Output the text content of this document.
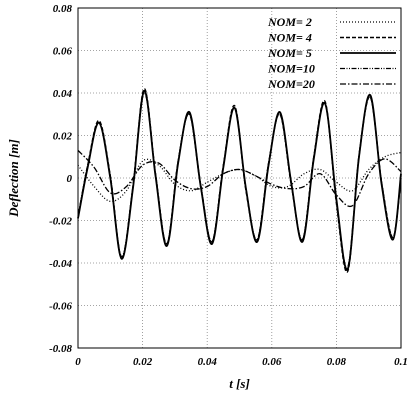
0	0.02	0.04	0.06	0.08	0.1
-0.08
-0.06
-0.04
-0.02
0
0.02
0.04
0.06
0.08
t [s]
Deflection [m]
NOM= 2
NOM= 4
NOM= 5
NOM=10
NOM=20
